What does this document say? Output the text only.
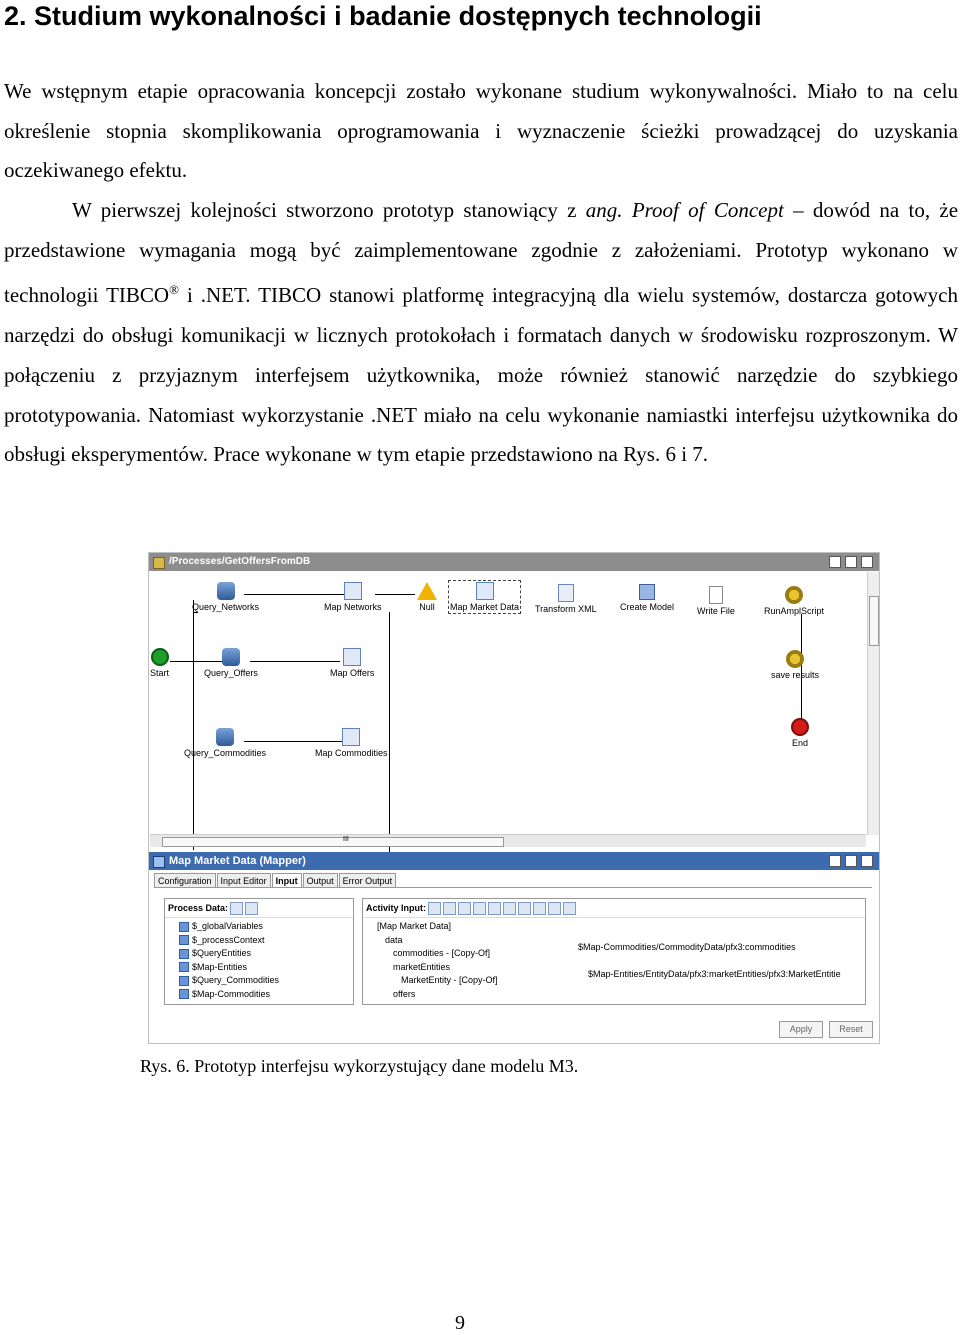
2. Studium wykonalności i badanie dostępnych technologii
We wstępnym etapie opracowania koncepcji zostało wykonane studium wykonywalności. Miało to na celu określenie stopnia skomplikowania oprogramowania i wyznaczenie ścieżki prowadzącej do uzyskania oczekiwanego efektu.
W pierwszej kolejności stworzono prototyp stanowiący z ang. Proof of Concept – dowód na to, że przedstawione wymagania mogą być zaimplementowane zgodnie z założeniami. Prototyp wykonano w technologii TIBCO® i .NET. TIBCO stanowi platformę integracyjną dla wielu systemów, dostarcza gotowych narzędzi do obsługi komunikacji w licznych protokołach i formatach danych w środowisku rozproszonym. W połączeniu z przyjaznym interfejsem użytkownika, może również stanowić narzędzie do szybkiego prototypowania. Natomiast wykorzystanie .NET miało na celu wykonanie namiastki interfejsu użytkownika do obsługi eksperymentów. Prace wykonane w tym etapie przedstawiono na Rys. 6 i 7.
/Processes/GetOffersFromDB
Query_Networks	Map Networks	Null Map Market Data Transform XML	Create Model	Write File	RunAmplScript
Start	Query_Offers	Map Offers	save results
Query_Commodities	Map Commodities
End
III
Map Market Data (Mapper)
Configuration	Input Editor	Input	Output	Error Output
Process Data:
$_globalVariables
$_processContext
$QueryEntities
$Map-Entities
$Query_Commodities
$Map-Commodities
Activity Input:
[Map Market Data]
data
commodities - [Copy-Of]
marketEntities
MarketEntity - [Copy-Of]
offers
$Map-Commodities/CommodityData/pfx3:commodities
$Map-Entities/EntityData/pfx3:marketEntities/pfx3:MarketEntitie
Apply	Reset
Rys. 6. Prototyp interfejsu wykorzystujący dane modelu M3.
9
